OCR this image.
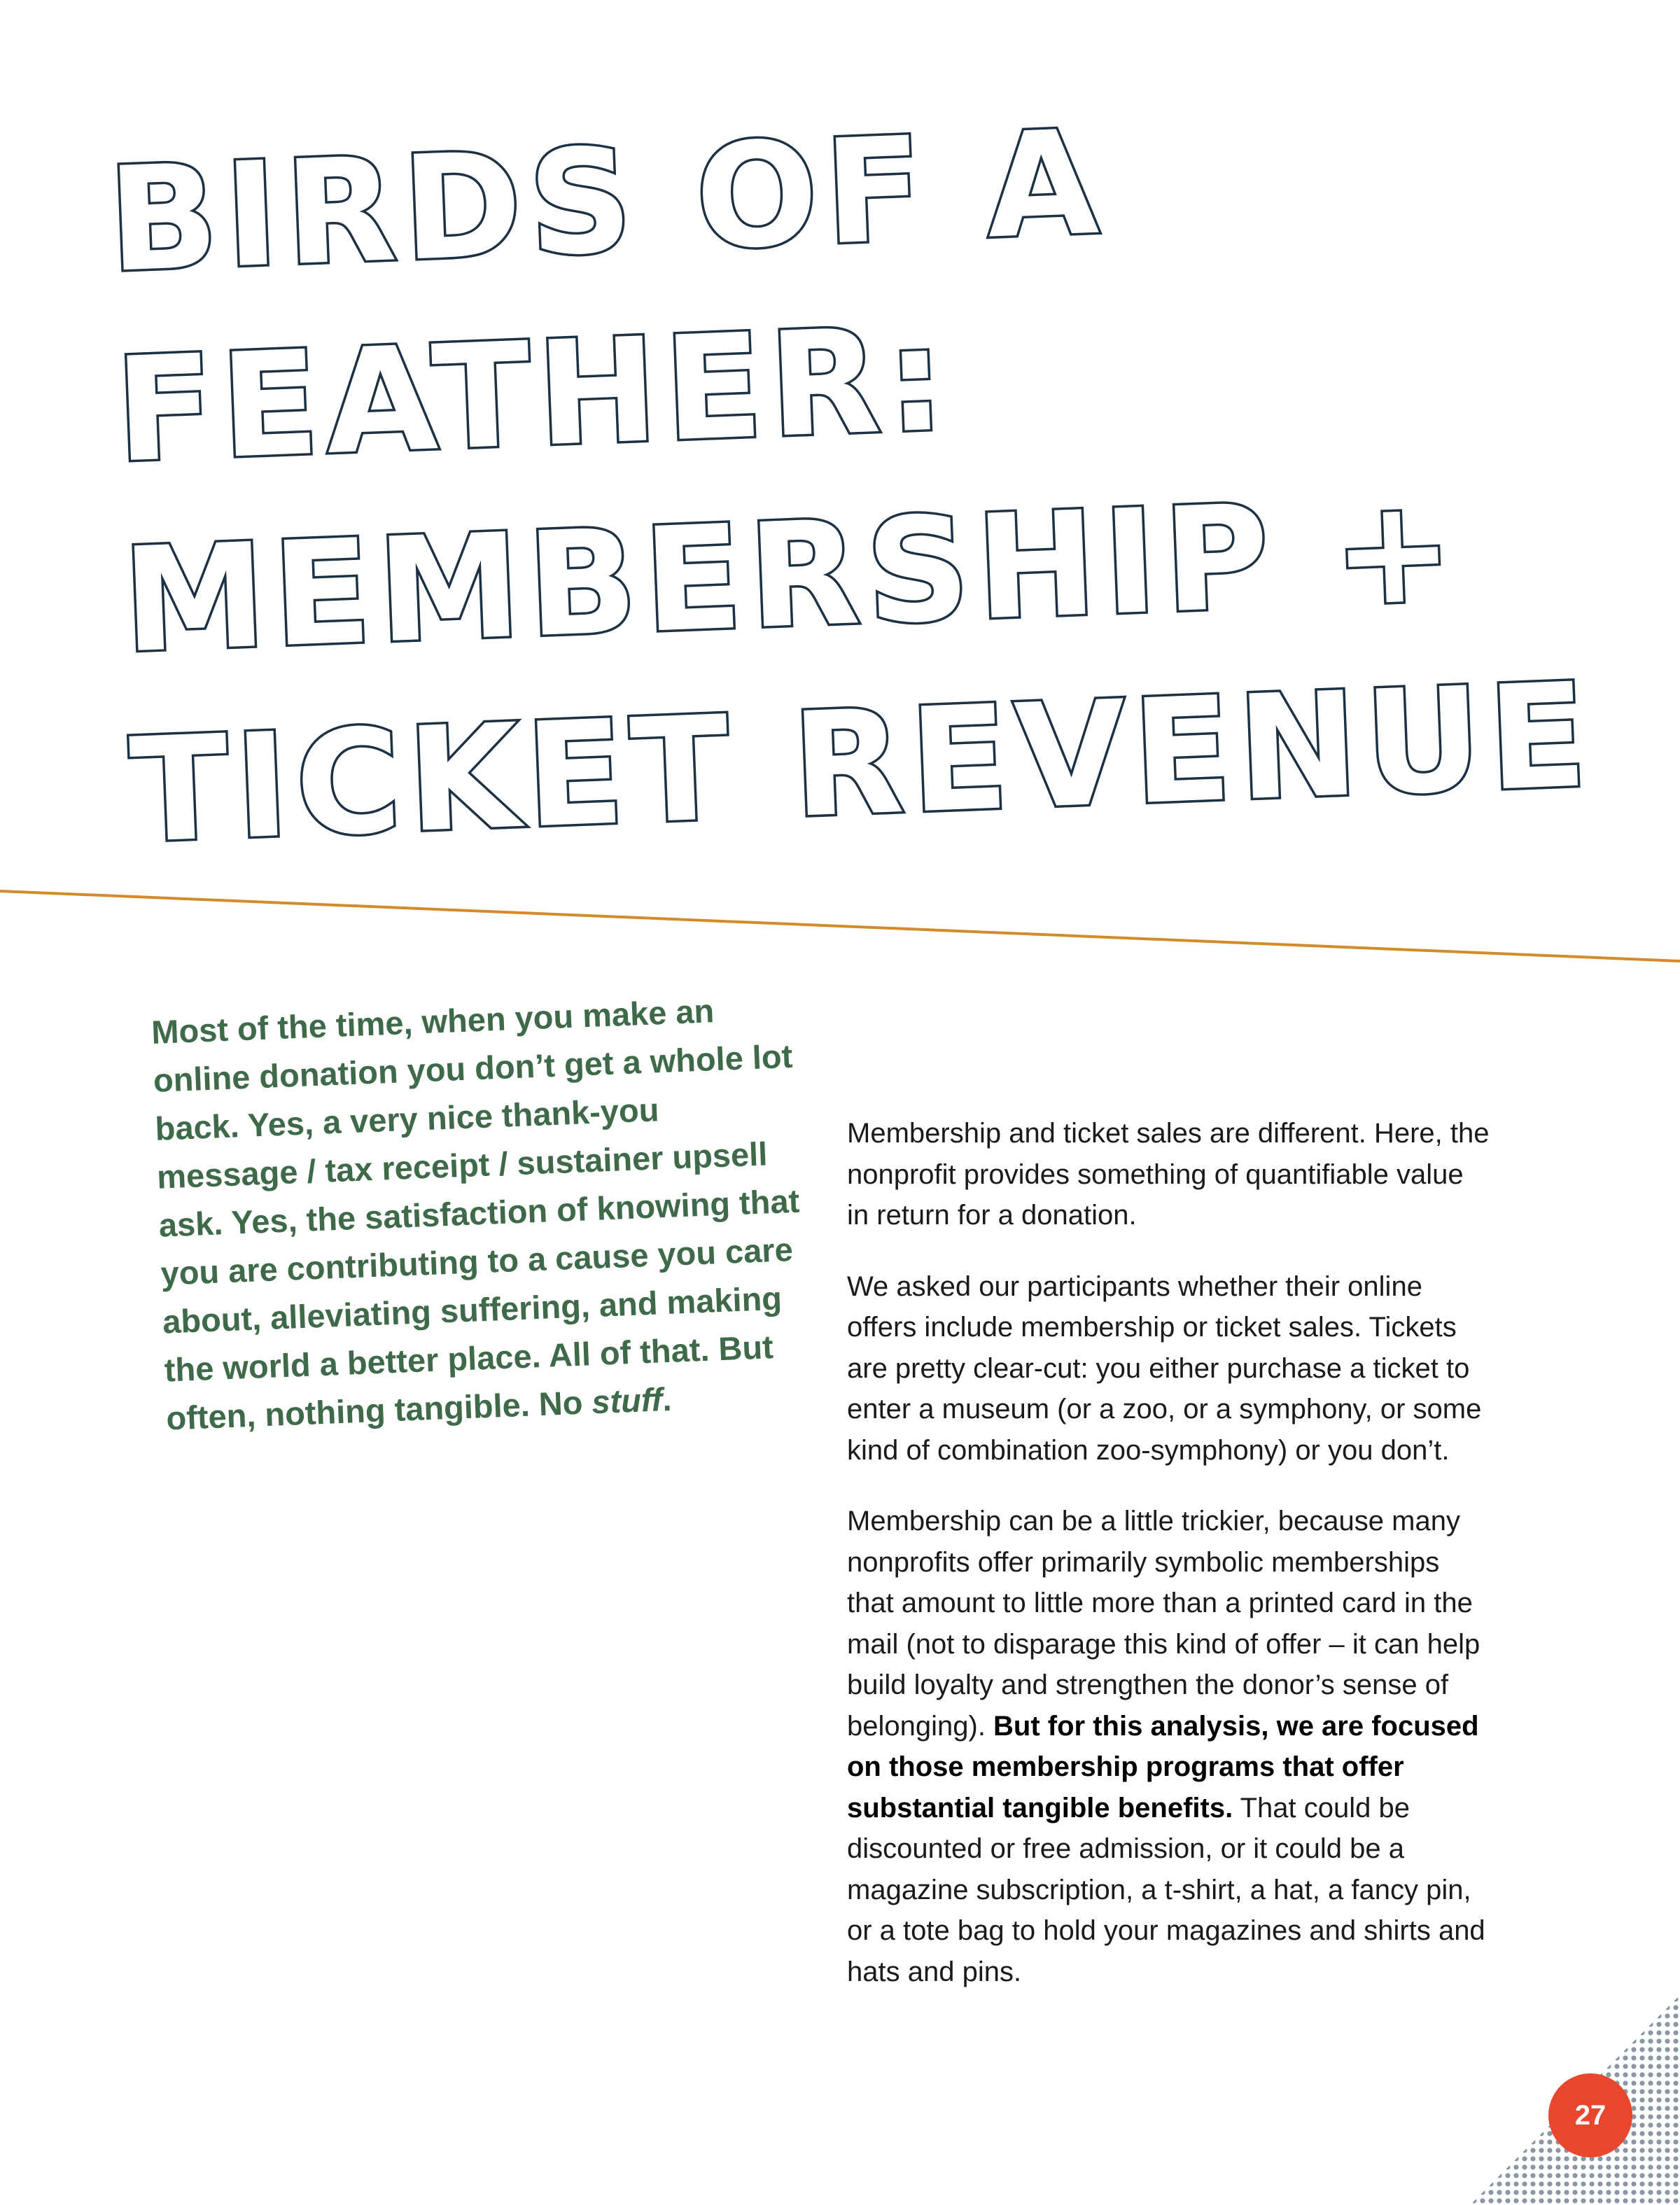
BIRDS OF A
FEATHER:
MEMBERSHIP +
TICKET REVENUE

Most of the time, when you make an online donation you don’t get a whole lot back. Yes, a very nice thank-you message / tax receipt / sustainer upsell ask. Yes, the satisfaction of knowing that you are contributing to a cause you care about, alleviating suffering, and making the world a better place. All of that. But often, nothing tangible. No stuff.

Membership and ticket sales are different. Here, the nonprofit provides something of quantifiable value in return for a donation.

We asked our participants whether their online offers include membership or ticket sales. Tickets are pretty clear-cut: you either purchase a ticket to enter a museum (or a zoo, or a symphony, or some kind of combination zoo-symphony) or you don’t.

Membership can be a little trickier, because many nonprofits offer primarily symbolic memberships that amount to little more than a printed card in the mail (not to disparage this kind of offer – it can help build loyalty and strengthen the donor’s sense of belonging). But for this analysis, we are focused on those membership programs that offer substantial tangible benefits. That could be discounted or free admission, or it could be a magazine subscription, a t-shirt, a hat, a fancy pin, or a tote bag to hold your magazines and shirts and hats and pins.

27
